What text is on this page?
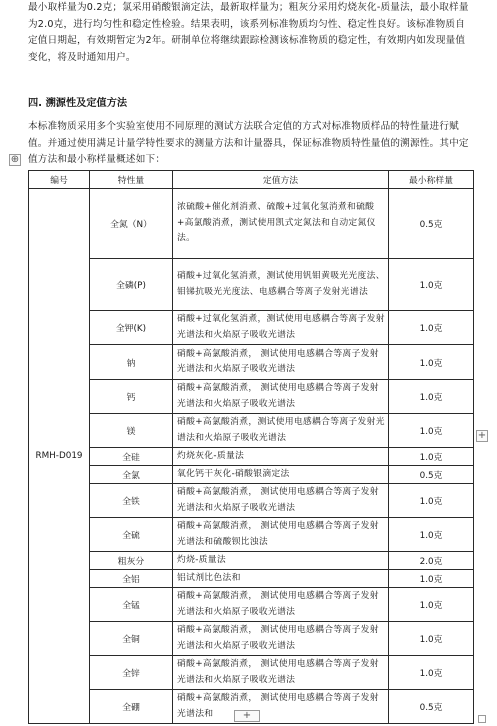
最小取样量为0.2克；氯采用硝酸银滴定法，最新取样量为；粗灰分采用灼烧灰化-质量法，最小取样量为2.0克，进行均匀性和稳定性检验。结果表明，该系列标准物质均匀性、稳定性良好。该标准物质自定值日期起，有效期暂定为2年。研制单位将继续跟踪检测该标准物质的稳定性，有效期内如发现量值变化，将及时通知用户。
四. 溯源性及定值方法
本标准物质采用多个实验室使用不同原理的测试方法联合定值的方式对标准物质样品的特性量进行赋值。并通过使用满足计量学特性要求的测量方法和计量器具，保证标准物质特性量值的溯源性。其中定值方法和最小称样量概述如下：
⊕
编号	特性量	定值方法	最小称样量
RMH-D019	全氮（N）	浓硫酸+催化剂消煮、硫酸+过氧化氢消煮和硫酸+高氯酸消煮，测试使用凯式定氮法和自动定氮仪法。	0.5克
	全磷(P)	硝酸+过氧化氢消煮，测试使用钒钼黄吸光光度法、钼锑抗吸光光度法、电感耦合等离子发射光谱法	1.0克
	全钾(K)	硝酸+过氧化氢消煮，测试使用电感耦合等离子发射光谱法和火焰原子吸收光谱法	1.0克
	钠	硝酸+高氯酸消煮， 测试使用电感耦合等离子发射光谱法和火焰原子吸收光谱法	1.0克
	钙	硝酸+高氯酸消煮， 测试使用电感耦合等离子发射光谱法和火焰原子吸收光谱法	1.0克
	镁	硝酸+高氯酸消煮，测试使用电感耦合等离子发射光谱法和火焰原子吸收光谱法	1.0克
	全硅	灼烧灰化-质量法	1.0克
	全氯	氧化钙干灰化-硝酸银滴定法	0.5克
	全铁	硝酸+高氯酸消煮， 测试使用电感耦合等离子发射光谱法和火焰原子吸收光谱法	1.0克
	全硫	硝酸+高氯酸消煮， 测试使用电感耦合等离子发射光谱法和硫酸钡比浊法	1.0克
	粗灰分	灼烧-质量法	2.0克
	全铝	铝试剂比色法和	1.0克
	全锰	硝酸+高氯酸消煮， 测试使用电感耦合等离子发射光谱法和火焰原子吸收光谱法	1.0克
	全铜	硝酸+高氯酸消煮， 测试使用电感耦合等离子发射光谱法和火焰原子吸收光谱法	1.0克
	全锌	硝酸+高氯酸消煮， 测试使用电感耦合等离子发射光谱法和火焰原子吸收光谱法	1.0克
	全硼	硝酸+高氯酸消煮， 测试使用电感耦合等离子发射光谱法和	0.5克
+
+
